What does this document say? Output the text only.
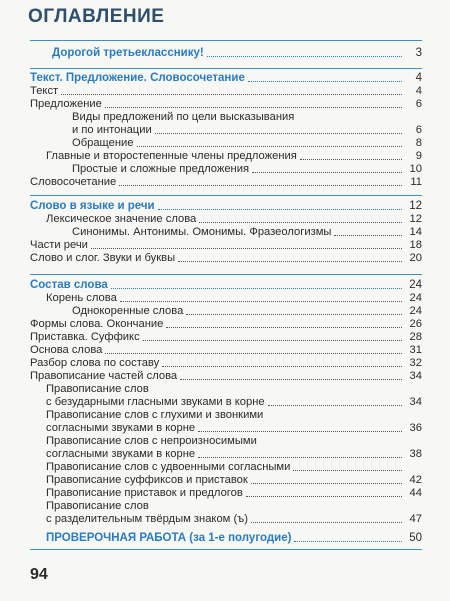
ОГЛАВЛЕНИЕ
Дорогой третьекласснику!	3
Текст. Предложение. Словосочетание	4
Текст	4
Предложение	6
Виды предложений по цели высказывания
и по интонации	6
Обращение	8
Главные и второстепенные члены предложения	9
Простые и сложные предложения	10
Словосочетание	11
Слово в языке и речи	12
Лексическое значение слова	12
Синонимы. Антонимы. Омонимы. Фразеологизмы	14
Части речи	18
Слово и слог. Звуки и буквы	20
Состав слова	24
Корень слова	24
Однокоренные слова	24
Формы слова. Окончание	26
Приставка. Суффикс	28
Основа слова	31
Разбор слова по составу	32
Правописание частей слова	34
Правописание слов
с безударными гласными звуками в корне	34
Правописание слов с глухими и звонкими
согласными звуками в корне	36
Правописание слов с непроизносимыми
согласными звуками в корне	38
Правописание слов с удвоенными согласными
Правописание суффиксов и приставок	42
Правописание приставок и предлогов	44
Правописание слов
с разделительным твёрдым знаком (ъ)	47
ПРОВЕРОЧНАЯ РАБОТА (за 1-е полугодие)	50
94
